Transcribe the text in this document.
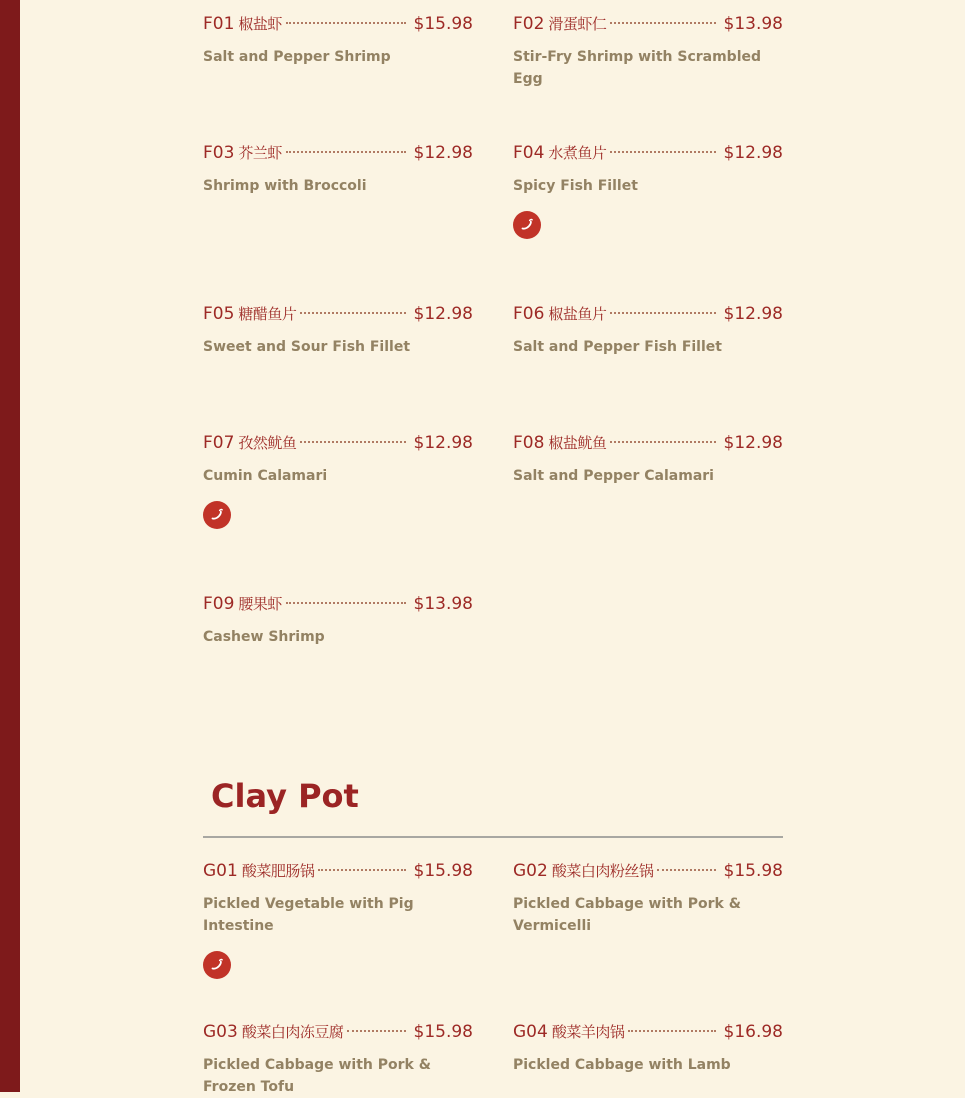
F01 椒盐虾	$15.98
Salt and Pepper Shrimp
F02 滑蛋虾仁	$13.98
Stir-Fry Shrimp with Scrambled Egg
F03 芥兰虾	$12.98
Shrimp with Broccoli
F04 水煮鱼片	$12.98
Spicy Fish Fillet
F05 糖醋鱼片	$12.98
Sweet and Sour Fish Fillet
F06 椒盐鱼片	$12.98
Salt and Pepper Fish Fillet
F07 孜然鱿鱼	$12.98
Cumin Calamari
F08 椒盐鱿鱼	$12.98
Salt and Pepper Calamari
F09 腰果虾	$13.98
Cashew Shrimp
Clay Pot
G01 酸菜肥肠锅	$15.98
Pickled Vegetable with Pig Intestine
G02 酸菜白肉粉丝锅	$15.98
Pickled Cabbage with Pork & Vermicelli
G03 酸菜白肉冻豆腐	$15.98
Pickled Cabbage with Pork & Frozen Tofu
G04 酸菜羊肉锅	$16.98
Pickled Cabbage with Lamb
